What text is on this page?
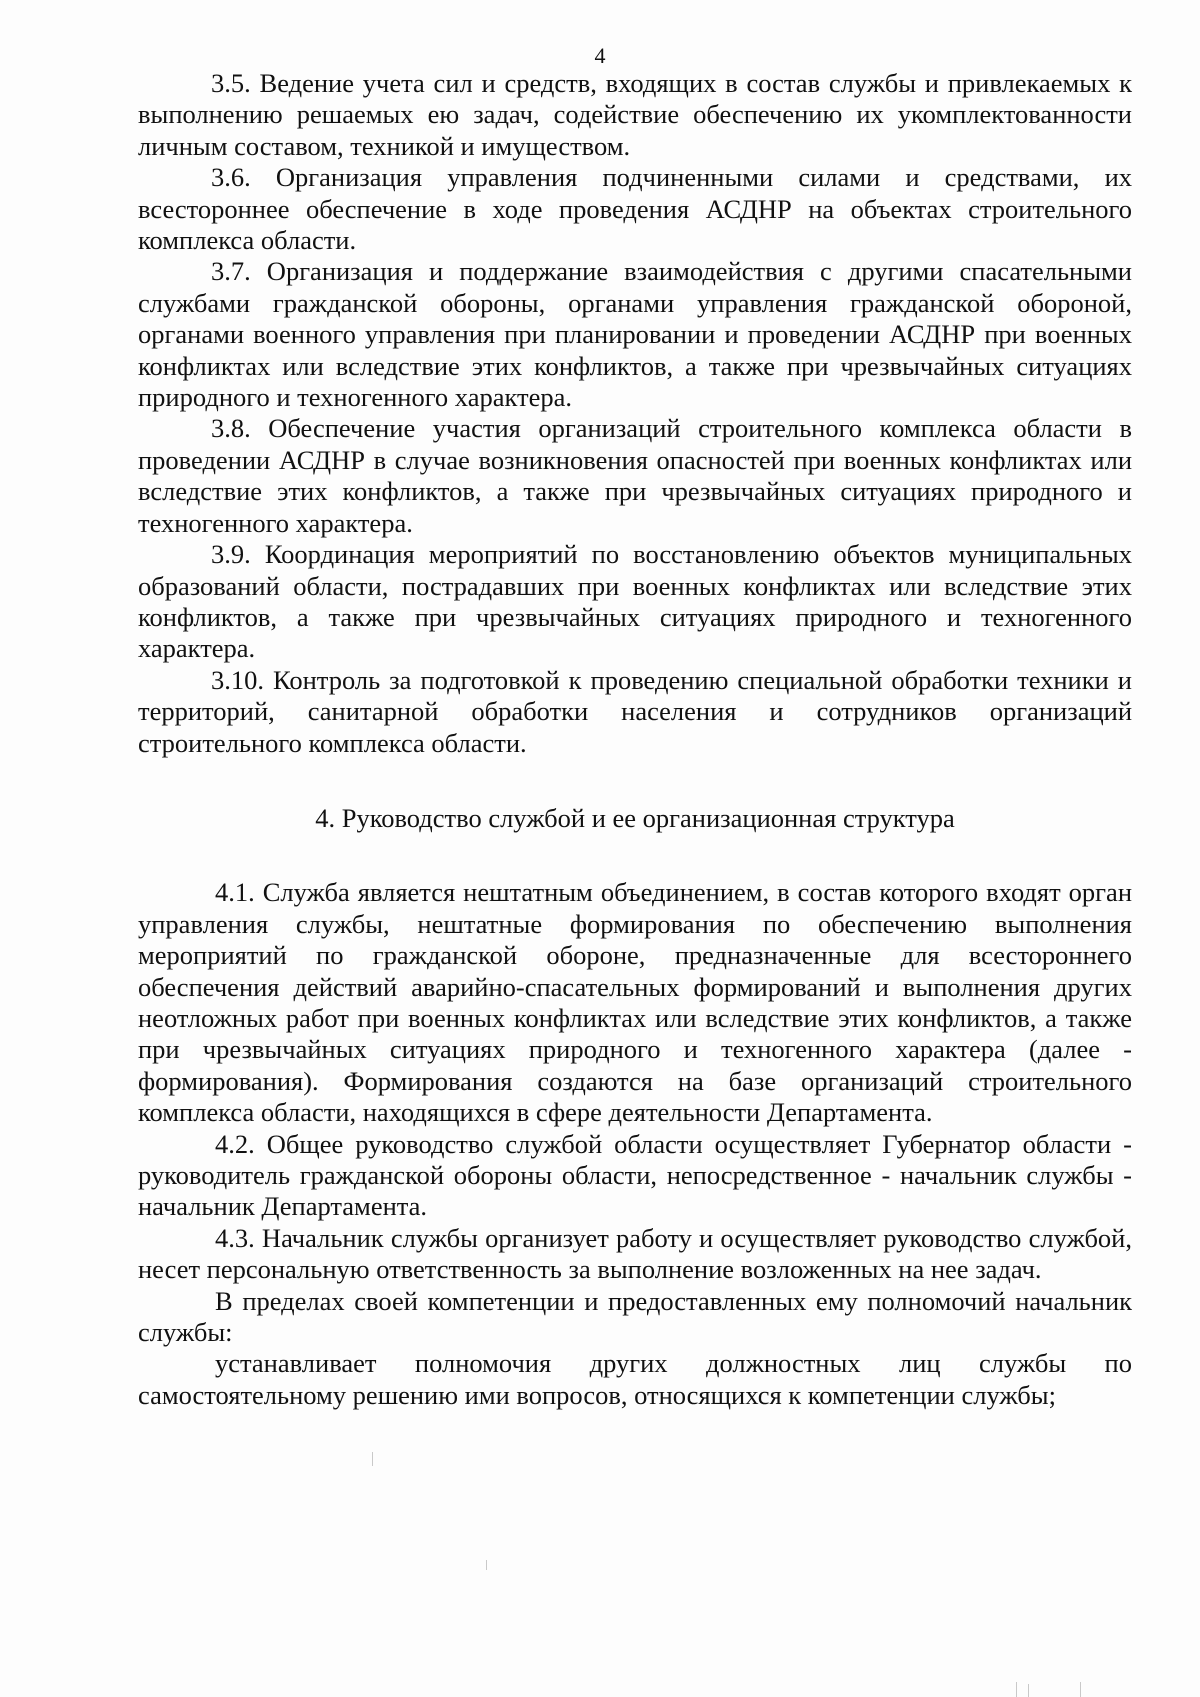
4

3.5. Ведение учета сил и средств, входящих в состав службы и привлекаемых к выполнению решаемых ею задач, содействие обеспечению их укомплектованности личным составом, техникой и имуществом.

3.6. Организация управления подчиненными силами и средствами, их всестороннее обеспечение в ходе проведения АСДНР на объектах строительного комплекса области.

3.7. Организация и поддержание взаимодействия с другими спасательными службами гражданской обороны, органами управления гражданской обороной, органами военного управления при планировании и проведении АСДНР при военных конфликтах или вследствие этих конфликтов, а также при чрезвычайных ситуациях природного и техногенного характера.

3.8. Обеспечение участия организаций строительного комплекса области в проведении АСДНР в случае возникновения опасностей при военных конфликтах или вследствие этих конфликтов, а также при чрезвычайных ситуациях природного и техногенного характера.

3.9. Координация мероприятий по восстановлению объектов муниципальных образований области, пострадавших при военных конфликтах или вследствие этих конфликтов, а также при чрезвычайных ситуациях природного и техногенного характера.

3.10. Контроль за подготовкой к проведению специальной обработки техники и территорий, санитарной обработки населения и сотрудников организаций строительного комплекса области.

4. Руководство службой и ее организационная структура

4.1. Служба является нештатным объединением, в состав которого входят орган управления службы, нештатные формирования по обеспечению выполнения мероприятий по гражданской обороне, предназначенные для всестороннего обеспечения действий аварийно-спасательных формирований и выполнения других неотложных работ при военных конфликтах или вследствие этих конфликтов, а также при чрезвычайных ситуациях природного и техногенного характера (далее - формирования). Формирования создаются на базе организаций строительного комплекса области, находящихся в сфере деятельности Департамента.

4.2. Общее руководство службой области осуществляет Губернатор области - руководитель гражданской обороны области, непосредственное - начальник службы - начальник Департамента.

4.3. Начальник службы организует работу и осуществляет руководство службой, несет персональную ответственность за выполнение возложенных на нее задач.

В пределах своей компетенции и предоставленных ему полномочий начальник службы:

устанавливает полномочия других должностных лиц службы по самостоятельному решению ими вопросов, относящихся к компетенции службы;
